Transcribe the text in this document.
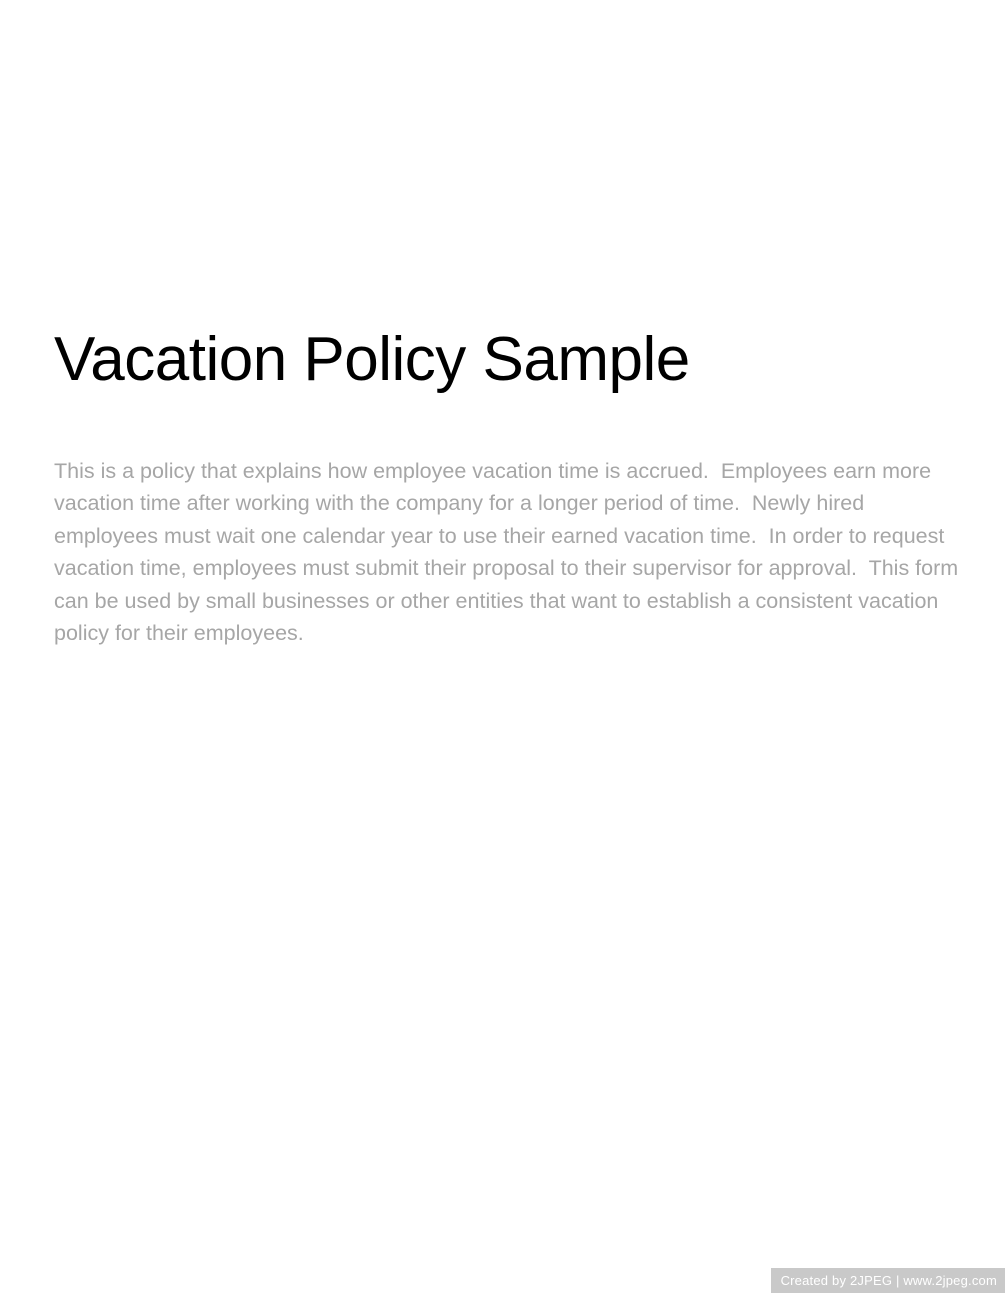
Vacation Policy Sample

This is a policy that explains how employee vacation time is accrued.  Employees earn more vacation time after working with the company for a longer period of time.  Newly hired employees must wait one calendar year to use their earned vacation time.  In order to request vacation time, employees must submit their proposal to their supervisor for approval.  This form can be used by small businesses or other entities that want to establish a consistent vacation policy for their employees.

Created by 2JPEG | www.2jpeg.com
